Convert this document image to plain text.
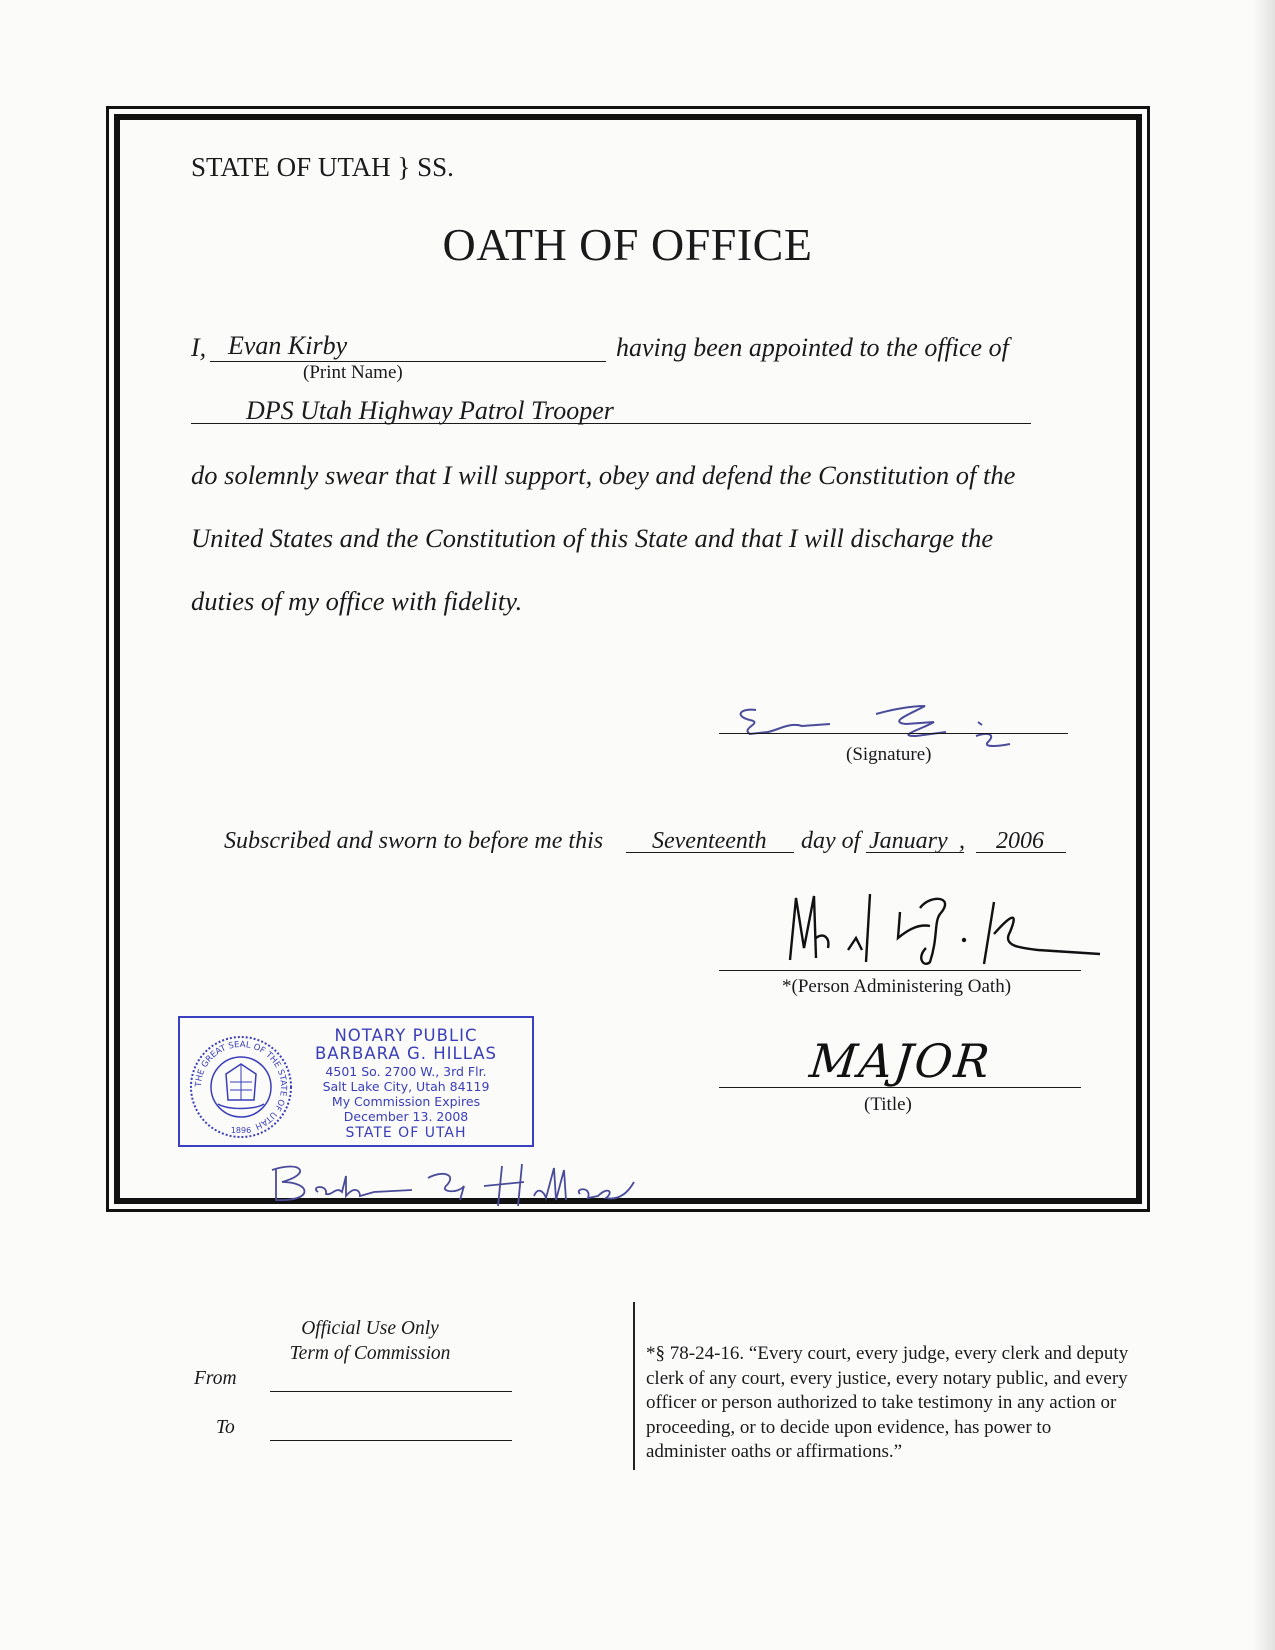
STATE OF UTAH } SS.
OATH OF OFFICE
I, Evan Kirby	having been appointed to the office of
(Print Name)
DPS Utah Highway Patrol Trooper
do solemnly swear that I will support, obey and defend the Constitution of the
United States and the Constitution of this State and that I will discharge the
duties of my office with fidelity.
(Signature)
Subscribed and sworn to before me this Seventeenth day of January , 2006
*(Person Administering Oath)
MAJOR
(Title)
THE GREAT SEAL OF THE STATE OF UTAH
1896
NOTARY PUBLIC
BARBARA G. HILLAS
4501 So. 2700 W., 3rd Flr.
Salt Lake City, Utah 84119
My Commission Expires
December 13. 2008
STATE OF UTAH
Official Use Only
Term of Commission
From
To
*§ 78-24-16. “Every court, every judge, every clerk and deputy clerk of any court, every justice, every notary public, and every officer or person authorized to take testimony in any action or proceeding, or to decide upon evidence, has power to administer oaths or affirmations.”
